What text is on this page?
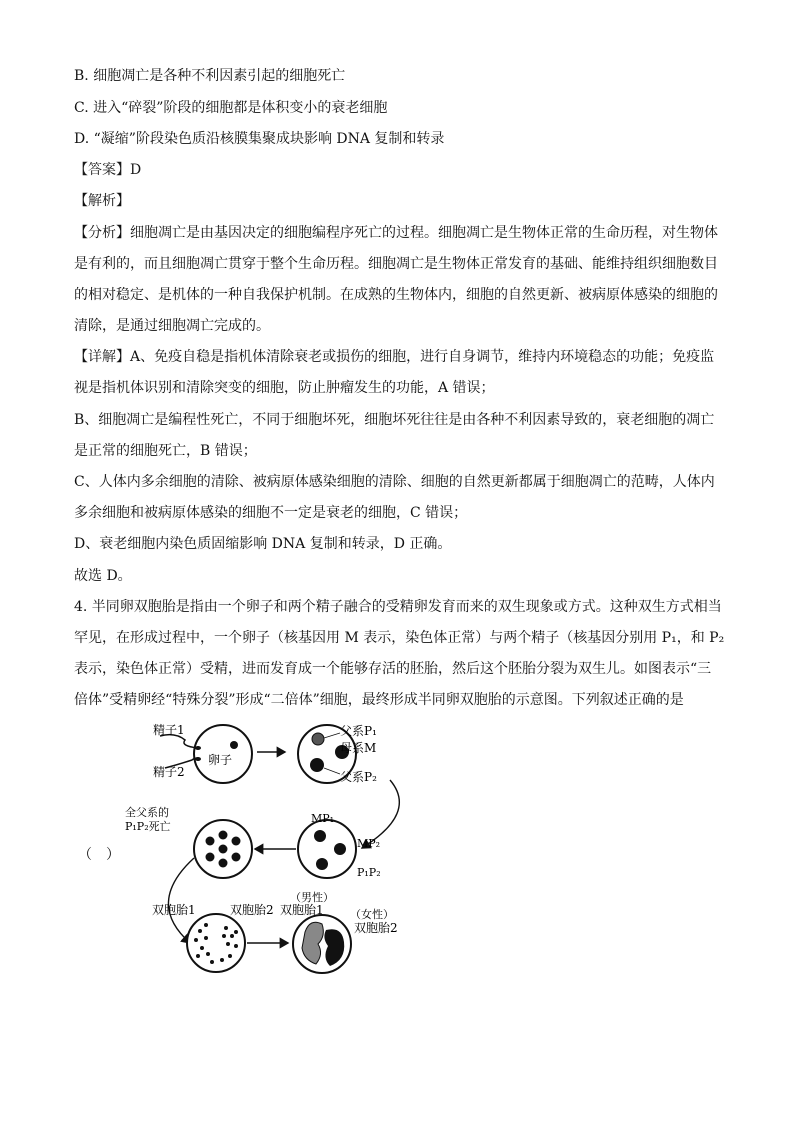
B. 细胞凋亡是各种不利因素引起的细胞死亡
C. 进入“碎裂”阶段的细胞都是体积变小的衰老细胞
D. “凝缩”阶段染色质沿核膜集聚成块影响 DNA 复制和转录
【答案】D
【解析】
【分析】细胞凋亡是由基因决定的细胞编程序死亡的过程。细胞凋亡是生物体正常的生命历程，对生物体
是有利的，而且细胞凋亡贯穿于整个生命历程。细胞凋亡是生物体正常发育的基础、能维持组织细胞数目
的相对稳定、是机体的一种自我保护机制。在成熟的生物体内，细胞的自然更新、被病原体感染的细胞的
清除，是通过细胞凋亡完成的。
【详解】A、免疫自稳是指机体清除衰老或损伤的细胞，进行自身调节，维持内环境稳态的功能；免疫监
视是指机体识别和清除突变的细胞，防止肿瘤发生的功能，A 错误；
B、细胞凋亡是编程性死亡，不同于细胞坏死，细胞坏死往往是由各种不利因素导致的，衰老细胞的凋亡
是正常的细胞死亡，B 错误；
C、人体内多余细胞的清除、被病原体感染细胞的清除、细胞的自然更新都属于细胞凋亡的范畴，人体内
多余细胞和被病原体感染的细胞不一定是衰老的细胞，C 错误；
D、衰老细胞内染色质固缩影响 DNA 复制和转录，D 正确。
故选 D。
4. 半同卵双胞胎是指由一个卵子和两个精子融合的受精卵发育而来的双生现象或方式。这种双生方式相当
罕见，在形成过程中，一个卵子（核基因用 M 表示，染色体正常）与两个精子（核基因分别用 P₁，和 P₂
表示，染色体正常）受精，进而发育成一个能够存活的胚胎，然后这个胚胎分裂为双生儿。如图表示“三
倍体”受精卵经“特殊分裂”形成“二倍体”细胞，最终形成半同卵双胞胎的示意图。下列叙述正确的是
（　）
精子1
精子2
卵子
父系P₁
母系M
父系P₂
MP₁
MP₂
P₁P₂
全父系的
P₁P₂死亡
双胞胎1	双胞胎2
（男性）
双胞胎1 （女性）
双胞胎2
